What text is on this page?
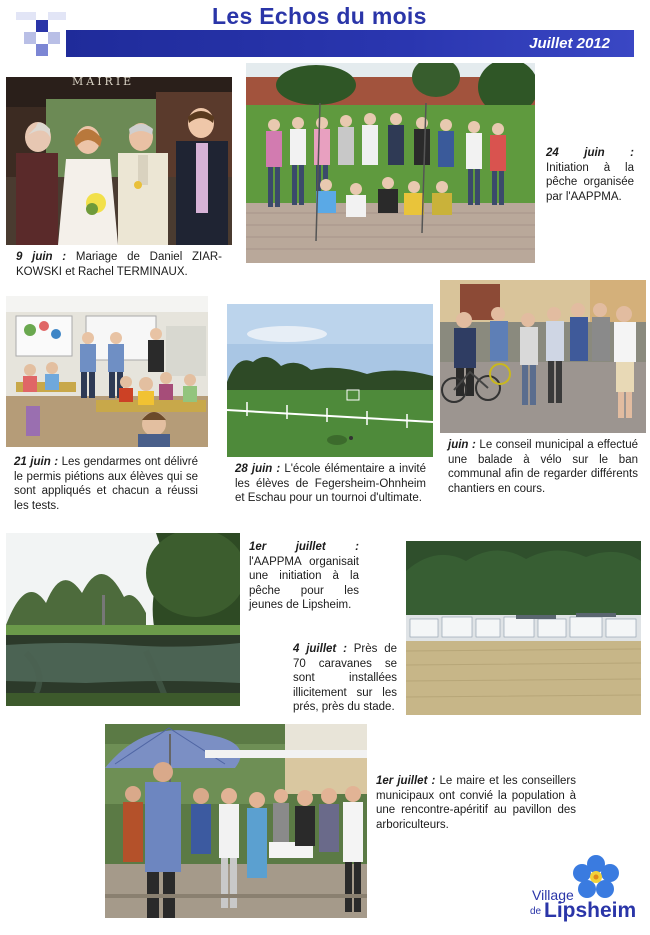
Les Echos du mois
Juillet 2012
MAIRIE
9 juin : Mariage de Daniel ZIAR-KOWSKI et Rachel TERMINAUX.
24 juin : Initiation à la pêche organisée par l'AAPPMA.
21 juin : Les gendarmes ont délivré le permis piétions aux élèves qui se sont appliqués et chacun a réussi les tests.
28 juin : L'école élémentaire a invité les élèves de Fegersheim-Ohnheim et Eschau pour un tournoi d'ultimate.
juin : Le conseil municipal a effectué une balade à vélo sur le ban communal afin de regarder différents chantiers en cours.
1er juillet : l'AAPPMA organisait une initiation à la pêche pour les jeunes de Lipsheim.
4 juillet : Près de 70 caravanes se sont installées illicitement sur les prés, près du stade.
1er juillet : Le maire et les conseillers municipaux ont convié la population à une rencontre-apéritif au pavillon des arboriculteurs.
Village
de Lipsheim
